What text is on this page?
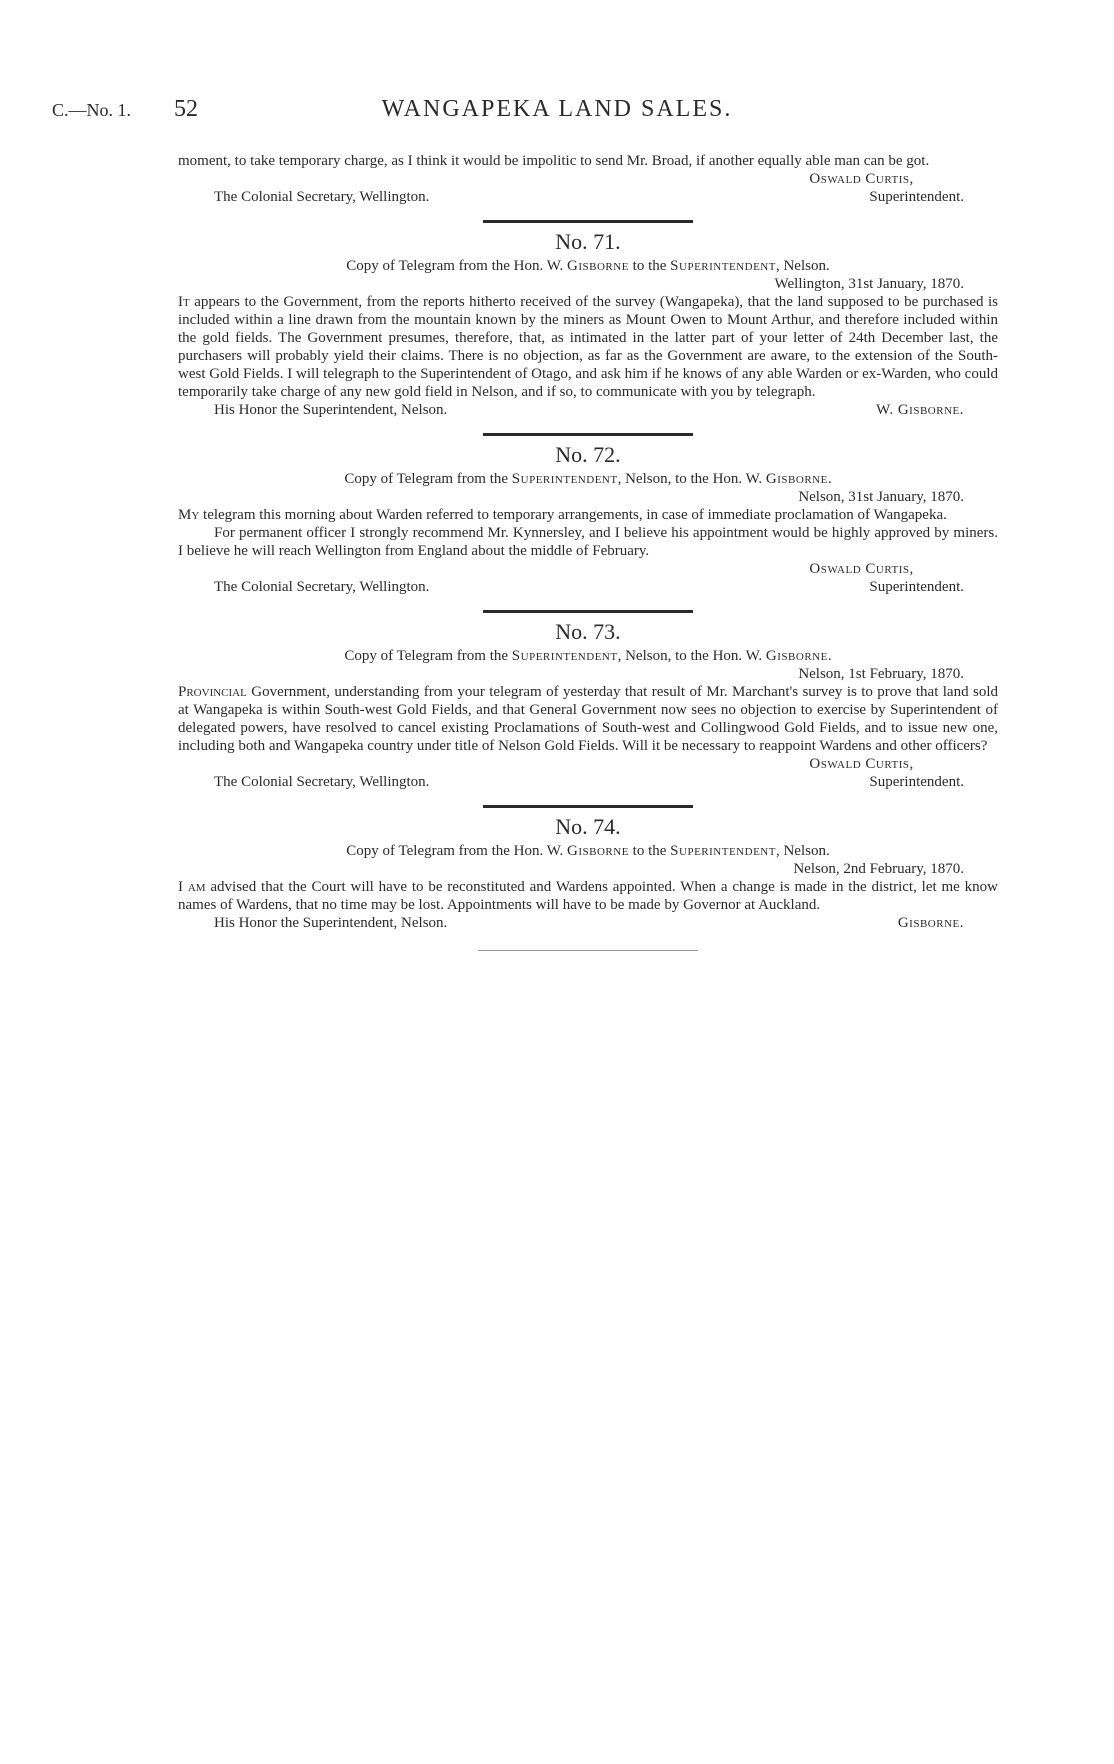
C.—No. 1. 52	WANGAPEKA LAND SALES.

moment, to take temporary charge, as I think it would be impolitic to send Mr. Broad, if another equally able man can be got.

Oswald Curtis,
Superintendent.
The Colonial Secretary, Wellington.
No. 71.
Copy of Telegram from the Hon. W. Gisborne to the Superintendent, Nelson.
Wellington, 31st January, 1870.

It appears to the Government, from the reports hitherto received of the survey (Wangapeka), that the land supposed to be purchased is included within a line drawn from the mountain known by the miners as Mount Owen to Mount Arthur, and therefore included within the gold fields. The Government presumes, therefore, that, as intimated in the latter part of your letter of 24th December last, the purchasers will probably yield their claims. There is no objection, as far as the Government are aware, to the extension of the South-west Gold Fields. I will telegraph to the Superintendent of Otago, and ask him if he knows of any able Warden or ex-Warden, who could temporarily take charge of any new gold field in Nelson, and if so, to communicate with you by telegraph.

His Honor the Superintendent, Nelson.	W. Gisborne.
No. 72.
Copy of Telegram from the Superintendent, Nelson, to the Hon. W. Gisborne.
Nelson, 31st January, 1870.

My telegram this morning about Warden referred to temporary arrangements, in case of immediate proclamation of Wangapeka.

For permanent officer I strongly recommend Mr. Kynnersley, and I believe his appointment would be highly approved by miners. I believe he will reach Wellington from England about the middle of February.

Oswald Curtis,
Superintendent.
The Colonial Secretary, Wellington.
No. 73.
Copy of Telegram from the Superintendent, Nelson, to the Hon. W. Gisborne.
Nelson, 1st February, 1870.

Provincial Government, understanding from your telegram of yesterday that result of Mr. Marchant's survey is to prove that land sold at Wangapeka is within South-west Gold Fields, and that General Government now sees no objection to exercise by Superintendent of delegated powers, have resolved to cancel existing Proclamations of South-west and Collingwood Gold Fields, and to issue new one, including both and Wangapeka country under title of Nelson Gold Fields. Will it be necessary to reappoint Wardens and other officers?

Oswald Curtis,
Superintendent.
The Colonial Secretary, Wellington.
No. 74.
Copy of Telegram from the Hon. W. Gisborne to the Superintendent, Nelson.
Nelson, 2nd February, 1870.

I am advised that the Court will have to be reconstituted and Wardens appointed. When a change is made in the district, let me know names of Wardens, that no time may be lost. Appointments will have to be made by Governor at Auckland.

His Honor the Superintendent, Nelson.	Gisborne.
